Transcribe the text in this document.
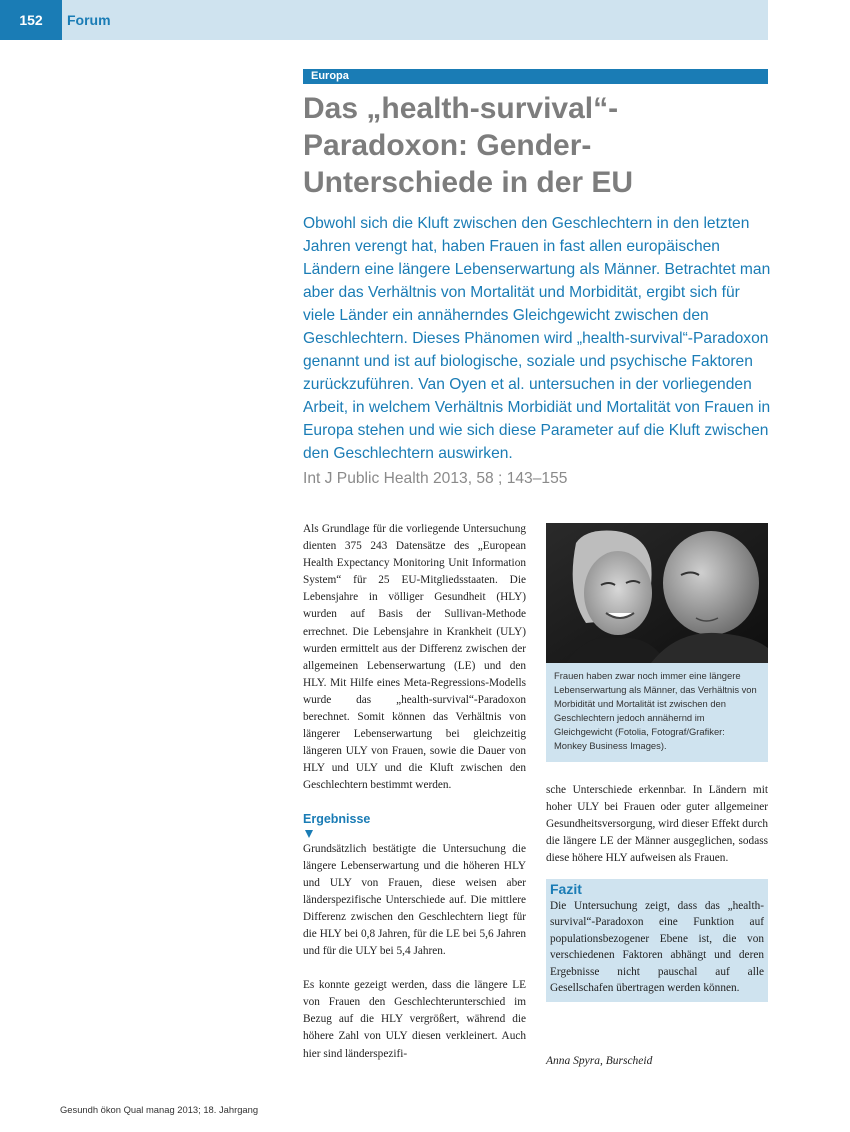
152	Forum
Europa
Das „health-survival“-Paradoxon: Gender-Unterschiede in der EU

Obwohl sich die Kluft zwischen den Geschlechtern in den letzten Jahren verengt hat, haben Frauen in fast allen europäischen Ländern eine längere Lebenserwartung als Männer. Betrachtet man aber das Verhältnis von Mortalität und Morbidität, ergibt sich für viele Länder ein annäherndes Gleichgewicht zwischen den Geschlechtern. Dieses Phänomen wird „health-survival“-Paradoxon genannt und ist auf biologische, soziale und psychische Faktoren zurückzuführen. Van Oyen et al. untersuchen in der vorliegenden Arbeit, in welchem Verhältnis Morbidiät und Mortalität von Frauen in Europa stehen und wie sich diese Parameter auf die Kluft zwischen den Geschlechtern auswirken.

Int J Public Health 2013, 58 ; 143–155

Als Grundlage für die vorliegende Untersuchung dienten 375 243 Datensätze des „European Health Expectancy Monitoring Unit Information System“ für 25 EU-Mitgliedsstaaten. Die Lebensjahre in völliger Gesundheit (HLY) wurden auf Basis der Sullivan-Methode errechnet. Die Lebensjahre in Krankheit (ULY) wurden ermittelt aus der Differenz zwischen der allgemeinen Lebenserwartung (LE) und den HLY. Mit Hilfe eines Meta-Regressions-Modells wurde das „health-survival“-Paradoxon berechnet. Somit können das Verhältnis von längerer Lebenserwartung bei gleichzeitig längeren ULY von Frauen, sowie die Dauer von HLY und ULY und die Kluft zwischen den Geschlechtern bestimmt werden.

Ergebnisse

Grundsätzlich bestätigte die Untersuchung die längere Lebenserwartung und die höheren HLY und ULY von Frauen, diese weisen aber länderspezifische Unterschiede auf. Die mittlere Differenz zwischen den Geschlechtern liegt für die HLY bei 0,8 Jahren, für die LE bei 5,6 Jahren und für die ULY bei 5,4 Jahren.

Es konnte gezeigt werden, dass die längere LE von Frauen den Geschlechterunterschied im Bezug auf die HLY vergrößert, während die höhere Zahl von ULY diesen verkleinert. Auch hier sind länderspezifi-

Frauen haben zwar noch immer eine längere Lebenserwartung als Männer, das Verhältnis von Morbidität und Mortalität ist zwischen den Geschlechtern jedoch annähernd im Gleichgewicht (Fotolia, Fotograf/Grafiker: Monkey Business Images).

sche Unterschiede erkennbar. In Ländern mit hoher ULY bei Frauen oder guter allgemeiner Gesundheitsversorgung, wird dieser Effekt durch die längere LE der Männer ausgeglichen, sodass diese höhere HLY aufweisen als Frauen.

Fazit

Die Untersuchung zeigt, dass das „health-survival“-Paradoxon eine Funktion auf populationsbezogener Ebene ist, die von verschiedenen Faktoren abhängt und deren Ergebnisse nicht pauschal auf alle Gesellschafen übertragen werden können.

Anna Spyra, Burscheid
Gesundh ökon Qual manag 2013; 18. Jahrgang
